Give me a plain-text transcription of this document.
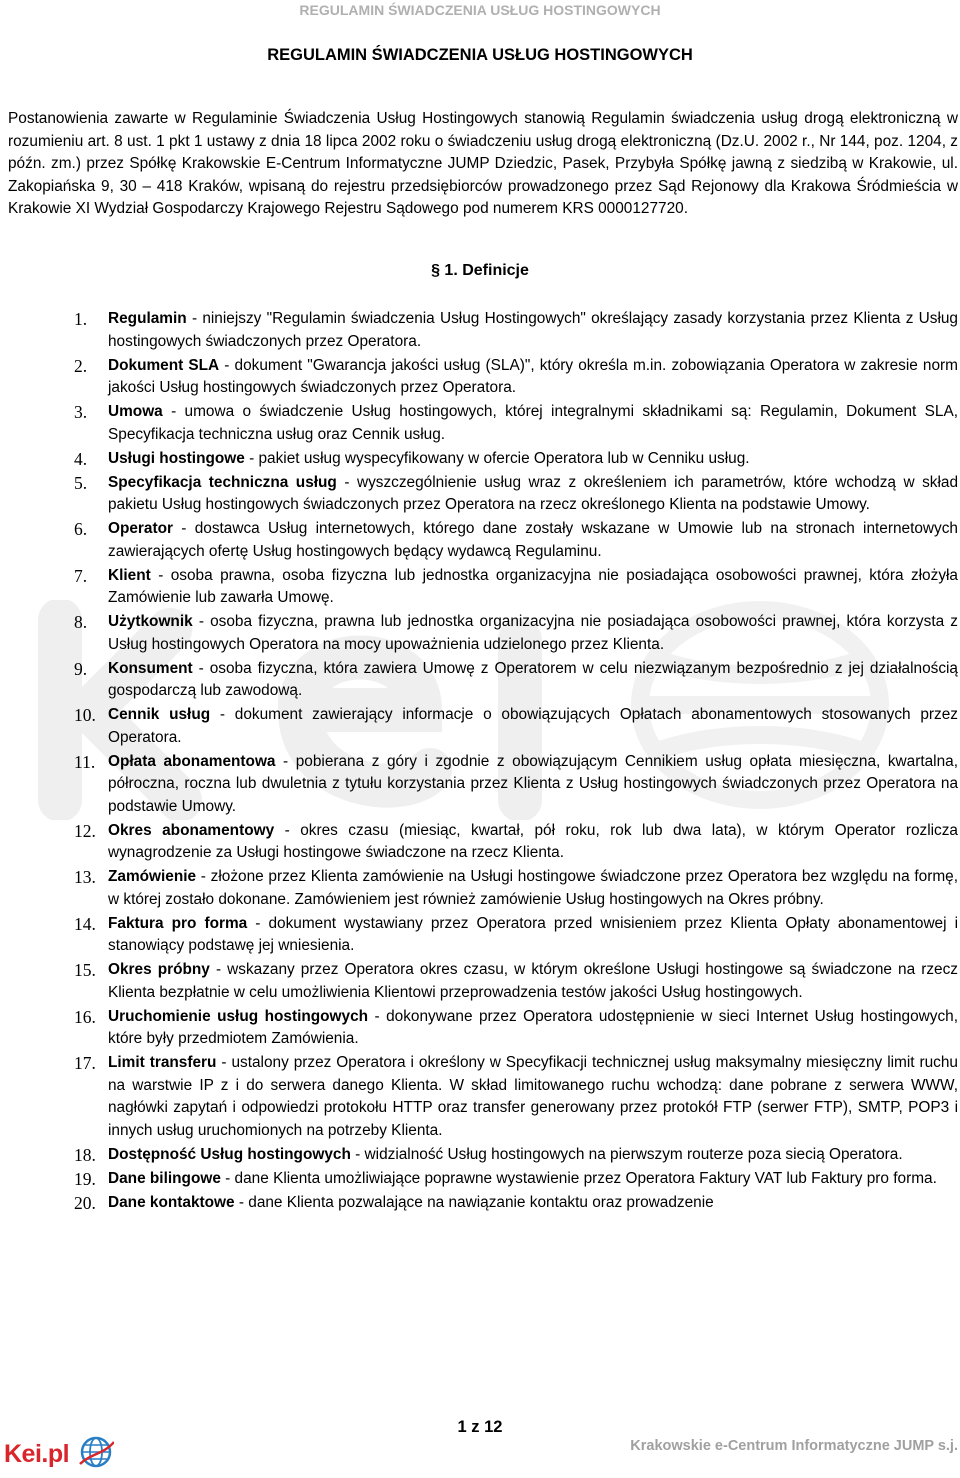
REGULAMIN ŚWIADCZENIA USŁUG HOSTINGOWYCH
REGULAMIN ŚWIADCZENIA USŁUG HOSTINGOWYCH

Postanowienia zawarte w Regulaminie Świadczenia Usług Hostingowych stanowią Regulamin świadczenia usług drogą elektroniczną w rozumieniu art. 8 ust. 1 pkt 1 ustawy z dnia 18 lipca 2002 roku o świadczeniu usług drogą elektroniczną (Dz.U. 2002 r., Nr 144, poz. 1204, z późn. zm.) przez Spółkę Krakowskie E-Centrum Informatyczne JUMP Dziedzic, Pasek, Przybyła Spółkę jawną z siedzibą w Krakowie, ul. Zakopiańska 9, 30 – 418 Kraków, wpisaną do rejestru przedsiębiorców prowadzonego przez Sąd Rejonowy dla Krakowa Śródmieścia w Krakowie XI Wydział Gospodarczy Krajowego Rejestru Sądowego pod numerem KRS 0000127720.

§ 1. Definicje
1. Regulamin - niniejszy "Regulamin świadczenia Usług Hostingowych" określający zasady korzystania przez Klienta z Usług hostingowych świadczonych przez Operatora.
2. Dokument SLA - dokument "Gwarancja jakości usług (SLA)", który określa m.in. zobowiązania Operatora w zakresie norm jakości Usług hostingowych świadczonych przez Operatora.
3. Umowa - umowa o świadczenie Usług hostingowych, której integralnymi składnikami są: Regulamin, Dokument SLA, Specyfikacja techniczna usług oraz Cennik usług.
4. Usługi hostingowe - pakiet usług wyspecyfikowany w ofercie Operatora lub w Cenniku usług.
5. Specyfikacja techniczna usług - wyszczególnienie usług wraz z określeniem ich parametrów, które wchodzą w skład pakietu Usług hostingowych świadczonych przez Operatora na rzecz określonego Klienta na podstawie Umowy.
6. Operator - dostawca Usług internetowych, którego dane zostały wskazane w Umowie lub na stronach internetowych zawierających ofertę Usług hostingowych będący wydawcą Regulaminu.
7. Klient - osoba prawna, osoba fizyczna lub jednostka organizacyjna nie posiadająca osobowości prawnej, która złożyła Zamówienie lub zawarła Umowę.
8. Użytkownik - osoba fizyczna, prawna lub jednostka organizacyjna nie posiadająca osobowości prawnej, która korzysta z Usług hostingowych Operatora na mocy upoważnienia udzielonego przez Klienta.
9. Konsument - osoba fizyczna, która zawiera Umowę z Operatorem w celu niezwiązanym bezpośrednio z jej działalnością gospodarczą lub zawodową.
10. Cennik usług - dokument zawierający informacje o obowiązujących Opłatach abonamentowych stosowanych przez Operatora.
11. Opłata abonamentowa - pobierana z góry i zgodnie z obowiązującym Cennikiem usług opłata miesięczna, kwartalna, półroczna, roczna lub dwuletnia z tytułu korzystania przez Klienta z Usług hostingowych świadczonych przez Operatora na podstawie Umowy.
12. Okres abonamentowy - okres czasu (miesiąc, kwartał, pół roku, rok lub dwa lata), w którym Operator rozlicza wynagrodzenie za Usługi hostingowe świadczone na rzecz Klienta.
13. Zamówienie - złożone przez Klienta zamówienie na Usługi hostingowe świadczone przez Operatora bez względu na formę, w której zostało dokonane. Zamówieniem jest również zamówienie Usług hostingowych na Okres próbny.
14. Faktura pro forma - dokument wystawiany przez Operatora przed wnisieniem przez Klienta Opłaty abonamentowej i stanowiący podstawę jej wniesienia.
15. Okres próbny - wskazany przez Operatora okres czasu, w którym określone Usługi hostingowe są świadczone na rzecz Klienta bezpłatnie w celu umożliwienia Klientowi przeprowadzenia testów jakości Usług hostingowych.
16. Uruchomienie usług hostingowych - dokonywane przez Operatora udostępnienie w sieci Internet Usług hostingowych, które były przedmiotem Zamówienia.
17. Limit transferu - ustalony przez Operatora i określony w Specyfikacji technicznej usług maksymalny miesięczny limit ruchu na warstwie IP z i do serwera danego Klienta. W skład limitowanego ruchu wchodzą: dane pobrane z serwera WWW, nagłówki zapytań i odpowiedzi protokołu HTTP oraz transfer generowany przez protokół FTP (serwer FTP), SMTP, POP3 i innych usług uruchomionych na potrzeby Klienta.
18. Dostępność Usług hostingowych - widzialność Usług hostingowych na pierwszym routerze poza siecią Operatora.
19. Dane bilingowe - dane Klienta umożliwiające poprawne wystawienie przez Operatora Faktury VAT lub Faktury pro forma.
20. Dane kontaktowe - dane Klienta pozwalające na nawiązanie kontaktu oraz prowadzenie
Kei.pl
1 z 12
Krakowskie e-Centrum Informatyczne JUMP s.j.
